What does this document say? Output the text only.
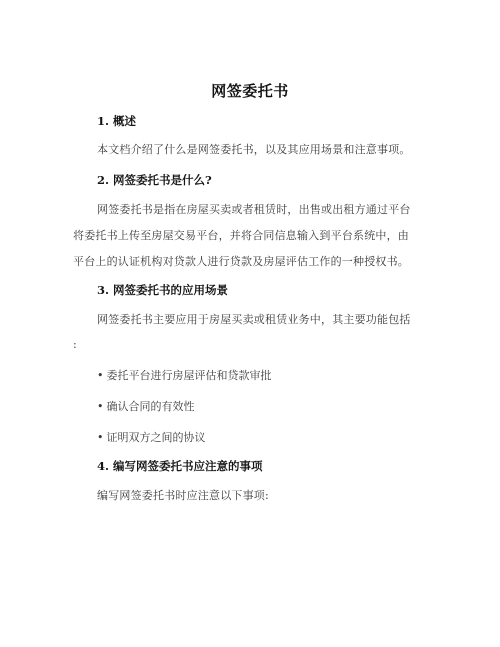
网签委托书
1. 概述
本文档介绍了什么是网签委托书，以及其应用场景和注意事项。
2. 网签委托书是什么?
网签委托书是指在房屋买卖或者租赁时，出售或出租方通过平台
将委托书上传至房屋交易平台，并将合同信息输入到平台系统中，由
平台上的认证机构对贷款人进行贷款及房屋评估工作的一种授权书。
3. 网签委托书的应用场景
网签委托书主要应用于房屋买卖或租赁业务中，其主要功能包括
:
• 委托平台进行房屋评估和贷款审批
• 确认合同的有效性
• 证明双方之间的协议
4. 编写网签委托书应注意的事项
编写网签委托书时应注意以下事项:
